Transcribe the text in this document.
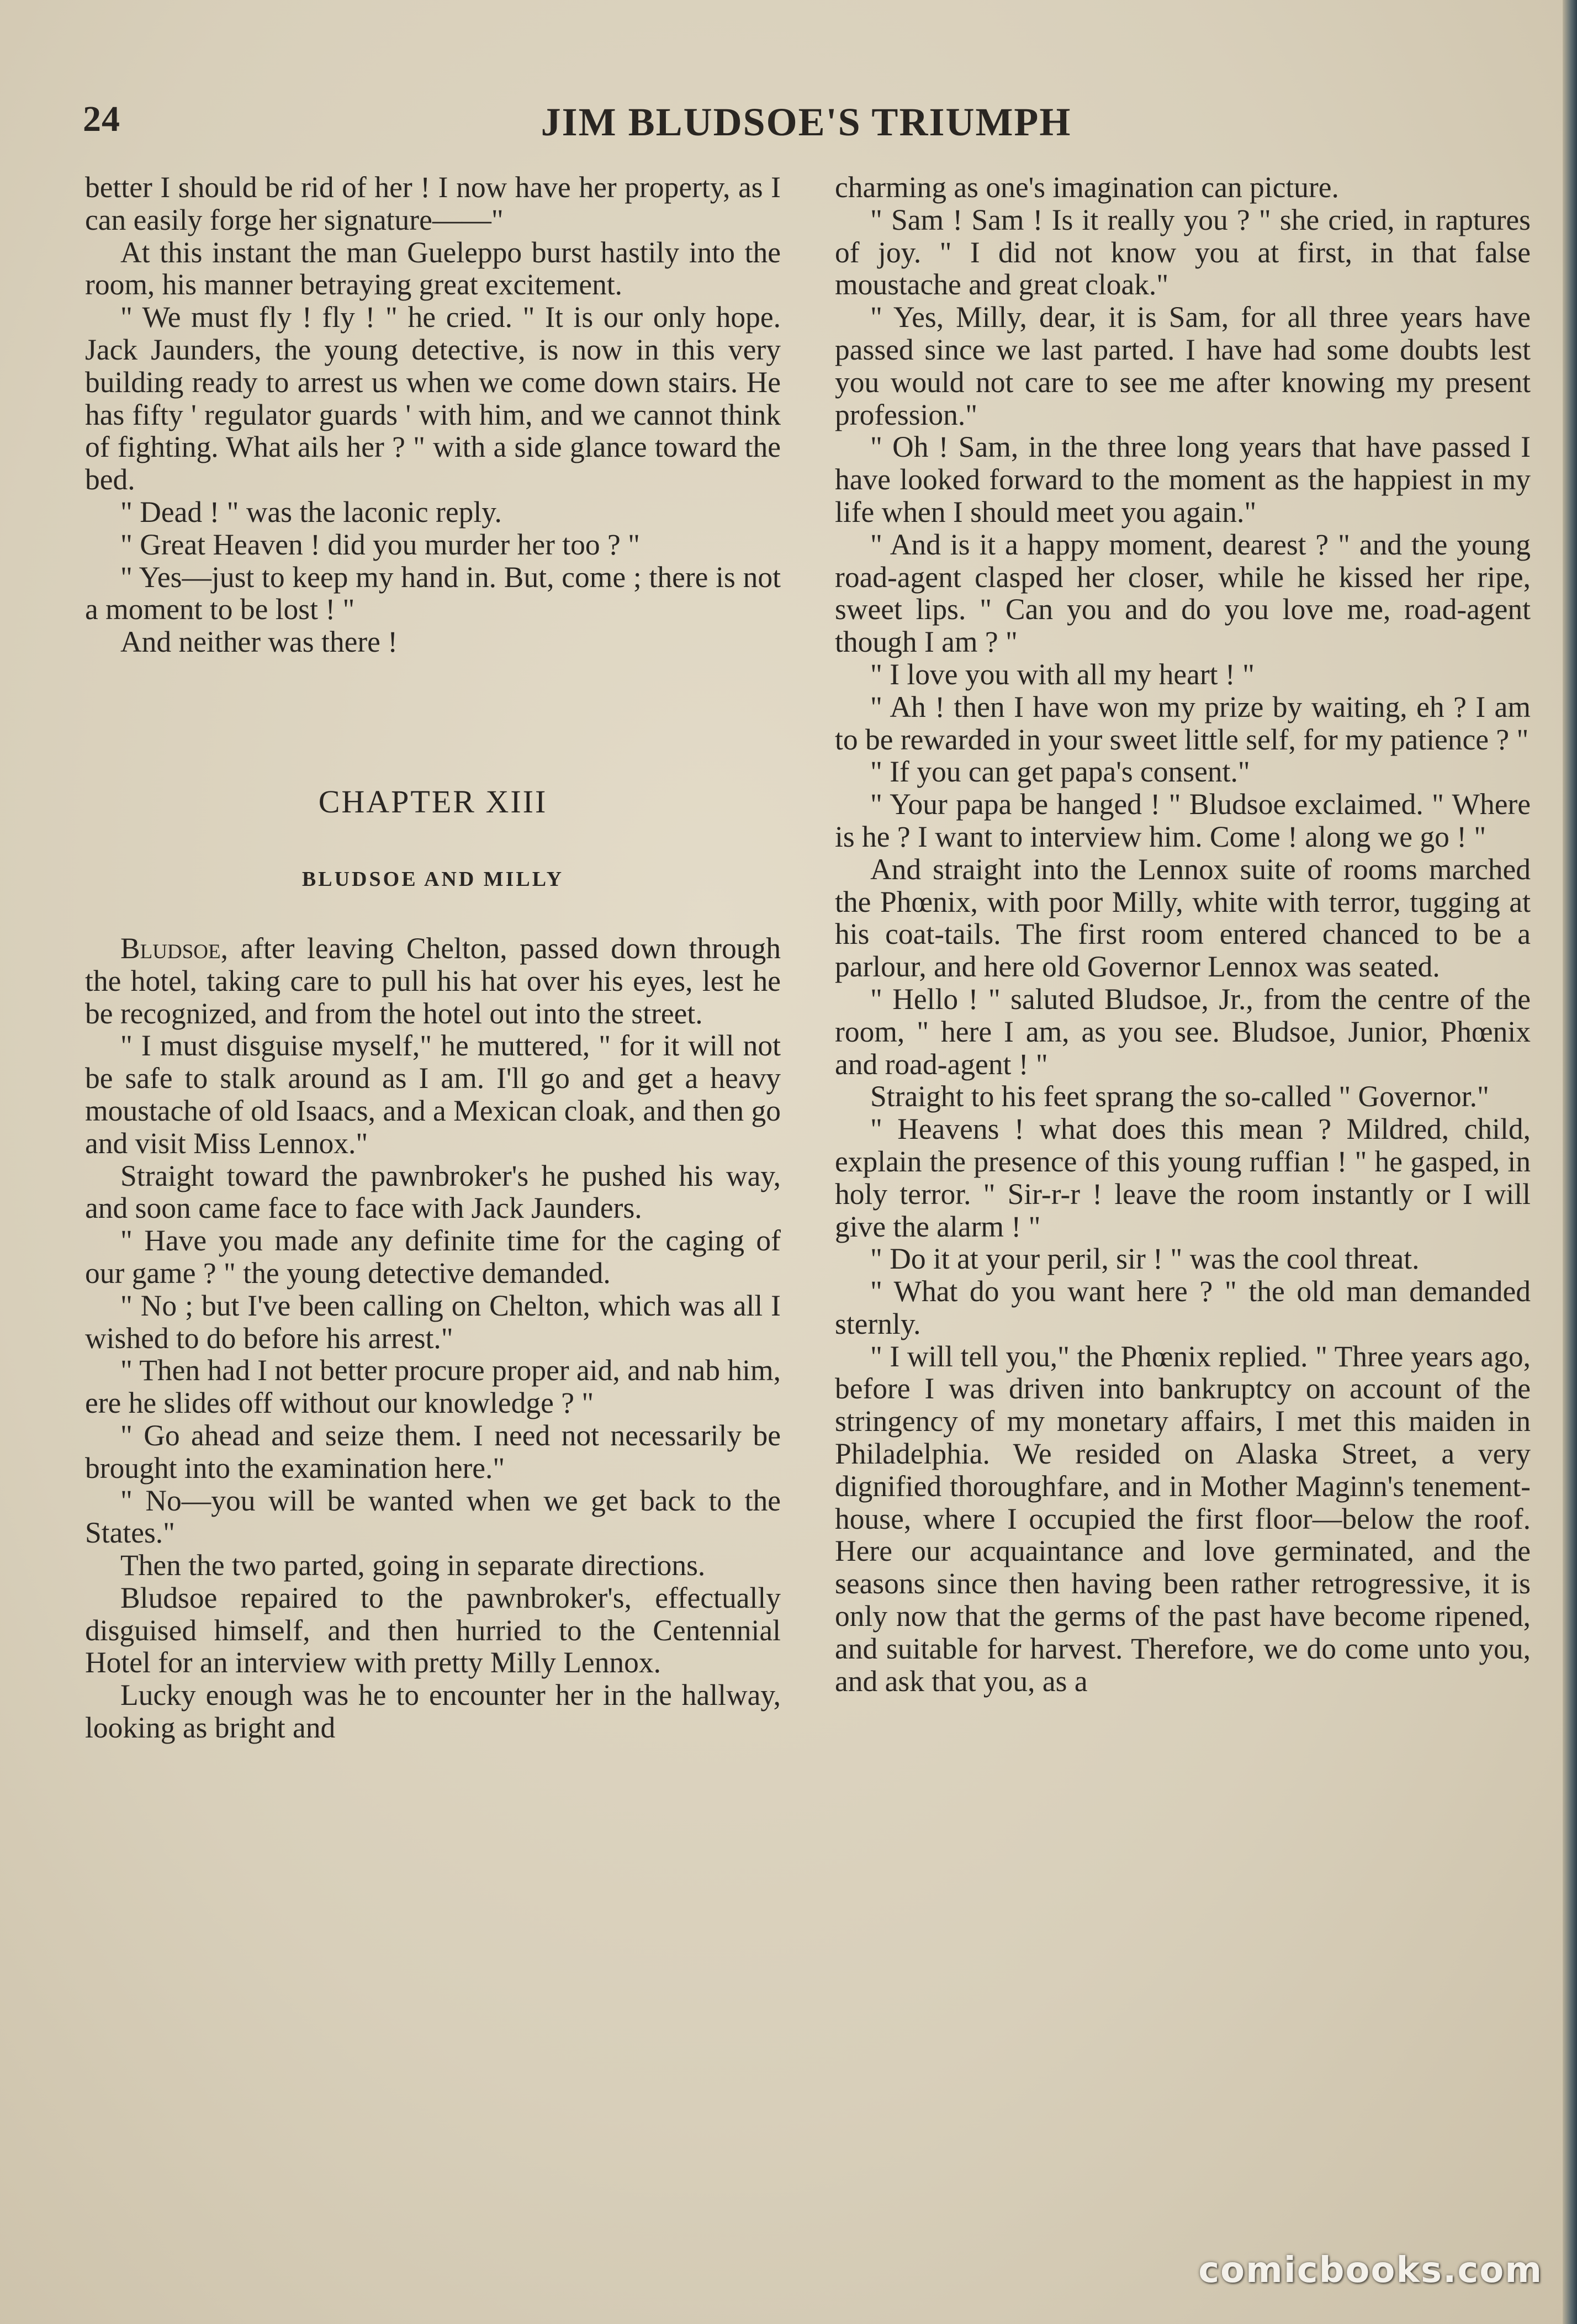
24	JIM BLUDSOE'S TRIUMPH

better I should be rid of her ! I now have her property, as I can easily forge her signature——"

At this instant the man Gueleppo burst hastily into the room, his manner betraying great excitement.

" We must fly ! fly ! " he cried. " It is our only hope. Jack Jaunders, the young detective, is now in this very building ready to arrest us when we come down stairs. He has fifty ' regulator guards ' with him, and we cannot think of fighting. What ails her ? " with a side glance toward the bed.

" Dead ! " was the laconic reply.

" Great Heaven ! did you murder her too ? "

" Yes—just to keep my hand in. But, come ; there is not a moment to be lost ! "

And neither was there !

CHAPTER XIII
BLUDSOE AND MILLY

Bludsoe, after leaving Chelton, passed down through the hotel, taking care to pull his hat over his eyes, lest he be recognized, and from the hotel out into the street.

" I must disguise myself," he muttered, " for it will not be safe to stalk around as I am. I'll go and get a heavy moustache of old Isaacs, and a Mexican cloak, and then go and visit Miss Lennox."

Straight toward the pawnbroker's he pushed his way, and soon came face to face with Jack Jaunders.

" Have you made any definite time for the caging of our game ? " the young detective demanded.

" No ; but I've been calling on Chelton, which was all I wished to do before his arrest."

" Then had I not better procure proper aid, and nab him, ere he slides off without our knowledge ? "

" Go ahead and seize them. I need not necessarily be brought into the examination here."

" No—you will be wanted when we get back to the States."

Then the two parted, going in separate directions.

Bludsoe repaired to the pawnbroker's, effectually disguised himself, and then hurried to the Centennial Hotel for an interview with pretty Milly Lennox.

Lucky enough was he to encounter her in the hallway, looking as bright and

charming as one's imagination can picture.

" Sam ! Sam ! Is it really you ? " she cried, in raptures of joy. " I did not know you at first, in that false moustache and great cloak."

" Yes, Milly, dear, it is Sam, for all three years have passed since we last parted. I have had some doubts lest you would not care to see me after knowing my present profession."

" Oh ! Sam, in the three long years that have passed I have looked forward to the moment as the happiest in my life when I should meet you again."

" And is it a happy moment, dearest ? " and the young road-agent clasped her closer, while he kissed her ripe, sweet lips. " Can you and do you love me, road-agent though I am ? "

" I love you with all my heart ! "

" Ah ! then I have won my prize by waiting, eh ? I am to be rewarded in your sweet little self, for my patience ? "

" If you can get papa's consent."

" Your papa be hanged ! " Bludsoe exclaimed. " Where is he ? I want to interview him. Come ! along we go ! "

And straight into the Lennox suite of rooms marched the Phœnix, with poor Milly, white with terror, tugging at his coat-tails. The first room entered chanced to be a parlour, and here old Governor Lennox was seated.

" Hello ! " saluted Bludsoe, Jr., from the centre of the room, " here I am, as you see. Bludsoe, Junior, Phœnix and road-agent ! "

Straight to his feet sprang the so-called " Governor."

" Heavens ! what does this mean ? Mildred, child, explain the presence of this young ruffian ! " he gasped, in holy terror. " Sir-r-r ! leave the room instantly or I will give the alarm ! "

" Do it at your peril, sir ! " was the cool threat.

" What do you want here ? " the old man demanded sternly.

" I will tell you," the Phœnix replied. " Three years ago, before I was driven into bankruptcy on account of the stringency of my monetary affairs, I met this maiden in Philadelphia. We resided on Alaska Street, a very dignified thoroughfare, and in Mother Maginn's tenement-house, where I occupied the first floor—below the roof. Here our acquaintance and love germinated, and the seasons since then having been rather retrogressive, it is only now that the germs of the past have become ripened, and suitable for harvest. Therefore, we do come unto you, and ask that you, as a

comicbooks.com
